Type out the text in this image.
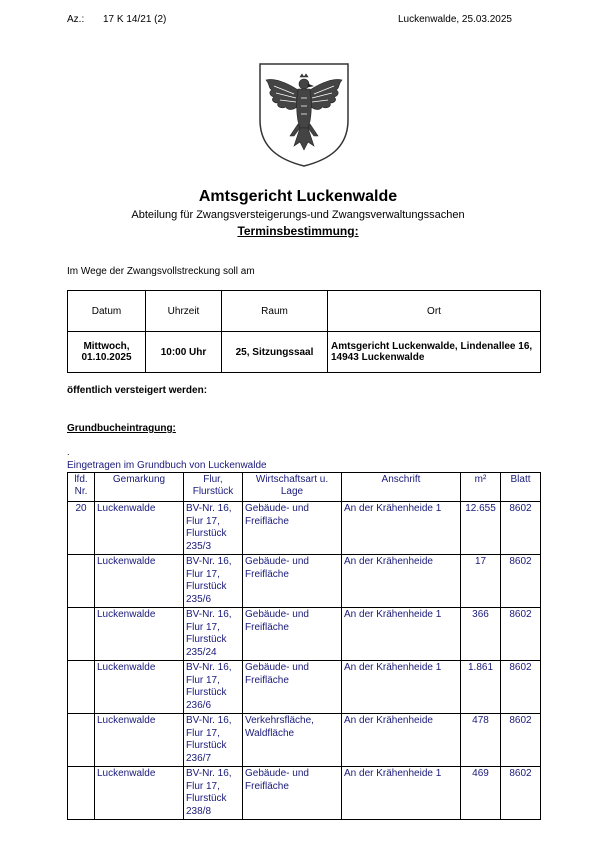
Az.: 17 K 14/21 (2)	Luckenwalde, 25.03.2025
Amtsgericht Luckenwalde
Abteilung für Zwangsversteigerungs-und Zwangsverwaltungssachen
Terminsbestimmung:
Im Wege der Zwangsvollstreckung soll am
Datum	Uhrzeit	Raum	Ort
Mittwoch, 01.10.2025	10:00 Uhr	25, Sitzungssaal	Amtsgericht Luckenwalde, Lindenallee 16, 14943 Luckenwalde
öffentlich versteigert werden:
Grundbucheintragung:
.
Eingetragen im Grundbuch von Luckenwalde
lfd. Nr.	Gemarkung	Flur, Flurstück	Wirtschaftsart u. Lage	Anschrift	m²	Blatt
20	Luckenwalde	BV-Nr. 16, Flur 17, Flurstück 235/3	Gebäude- und Freifläche	An der Krähenheide 1	12.655	8602
	Luckenwalde	BV-Nr. 16, Flur 17, Flurstück 235/6	Gebäude- und Freifläche	An der Krähenheide	17	8602
	Luckenwalde	BV-Nr. 16, Flur 17, Flurstück 235/24	Gebäude- und Freifläche	An der Krähenheide 1	366	8602
	Luckenwalde	BV-Nr. 16, Flur 17, Flurstück 236/6	Gebäude- und Freifläche	An der Krähenheide 1	1.861	8602
	Luckenwalde	BV-Nr. 16, Flur 17, Flurstück 236/7	Verkehrsfläche, Waldfläche	An der Krähenheide	478	8602
	Luckenwalde	BV-Nr. 16, Flur 17, Flurstück 238/8	Gebäude- und Freifläche	An der Krähenheide 1	469	8602
